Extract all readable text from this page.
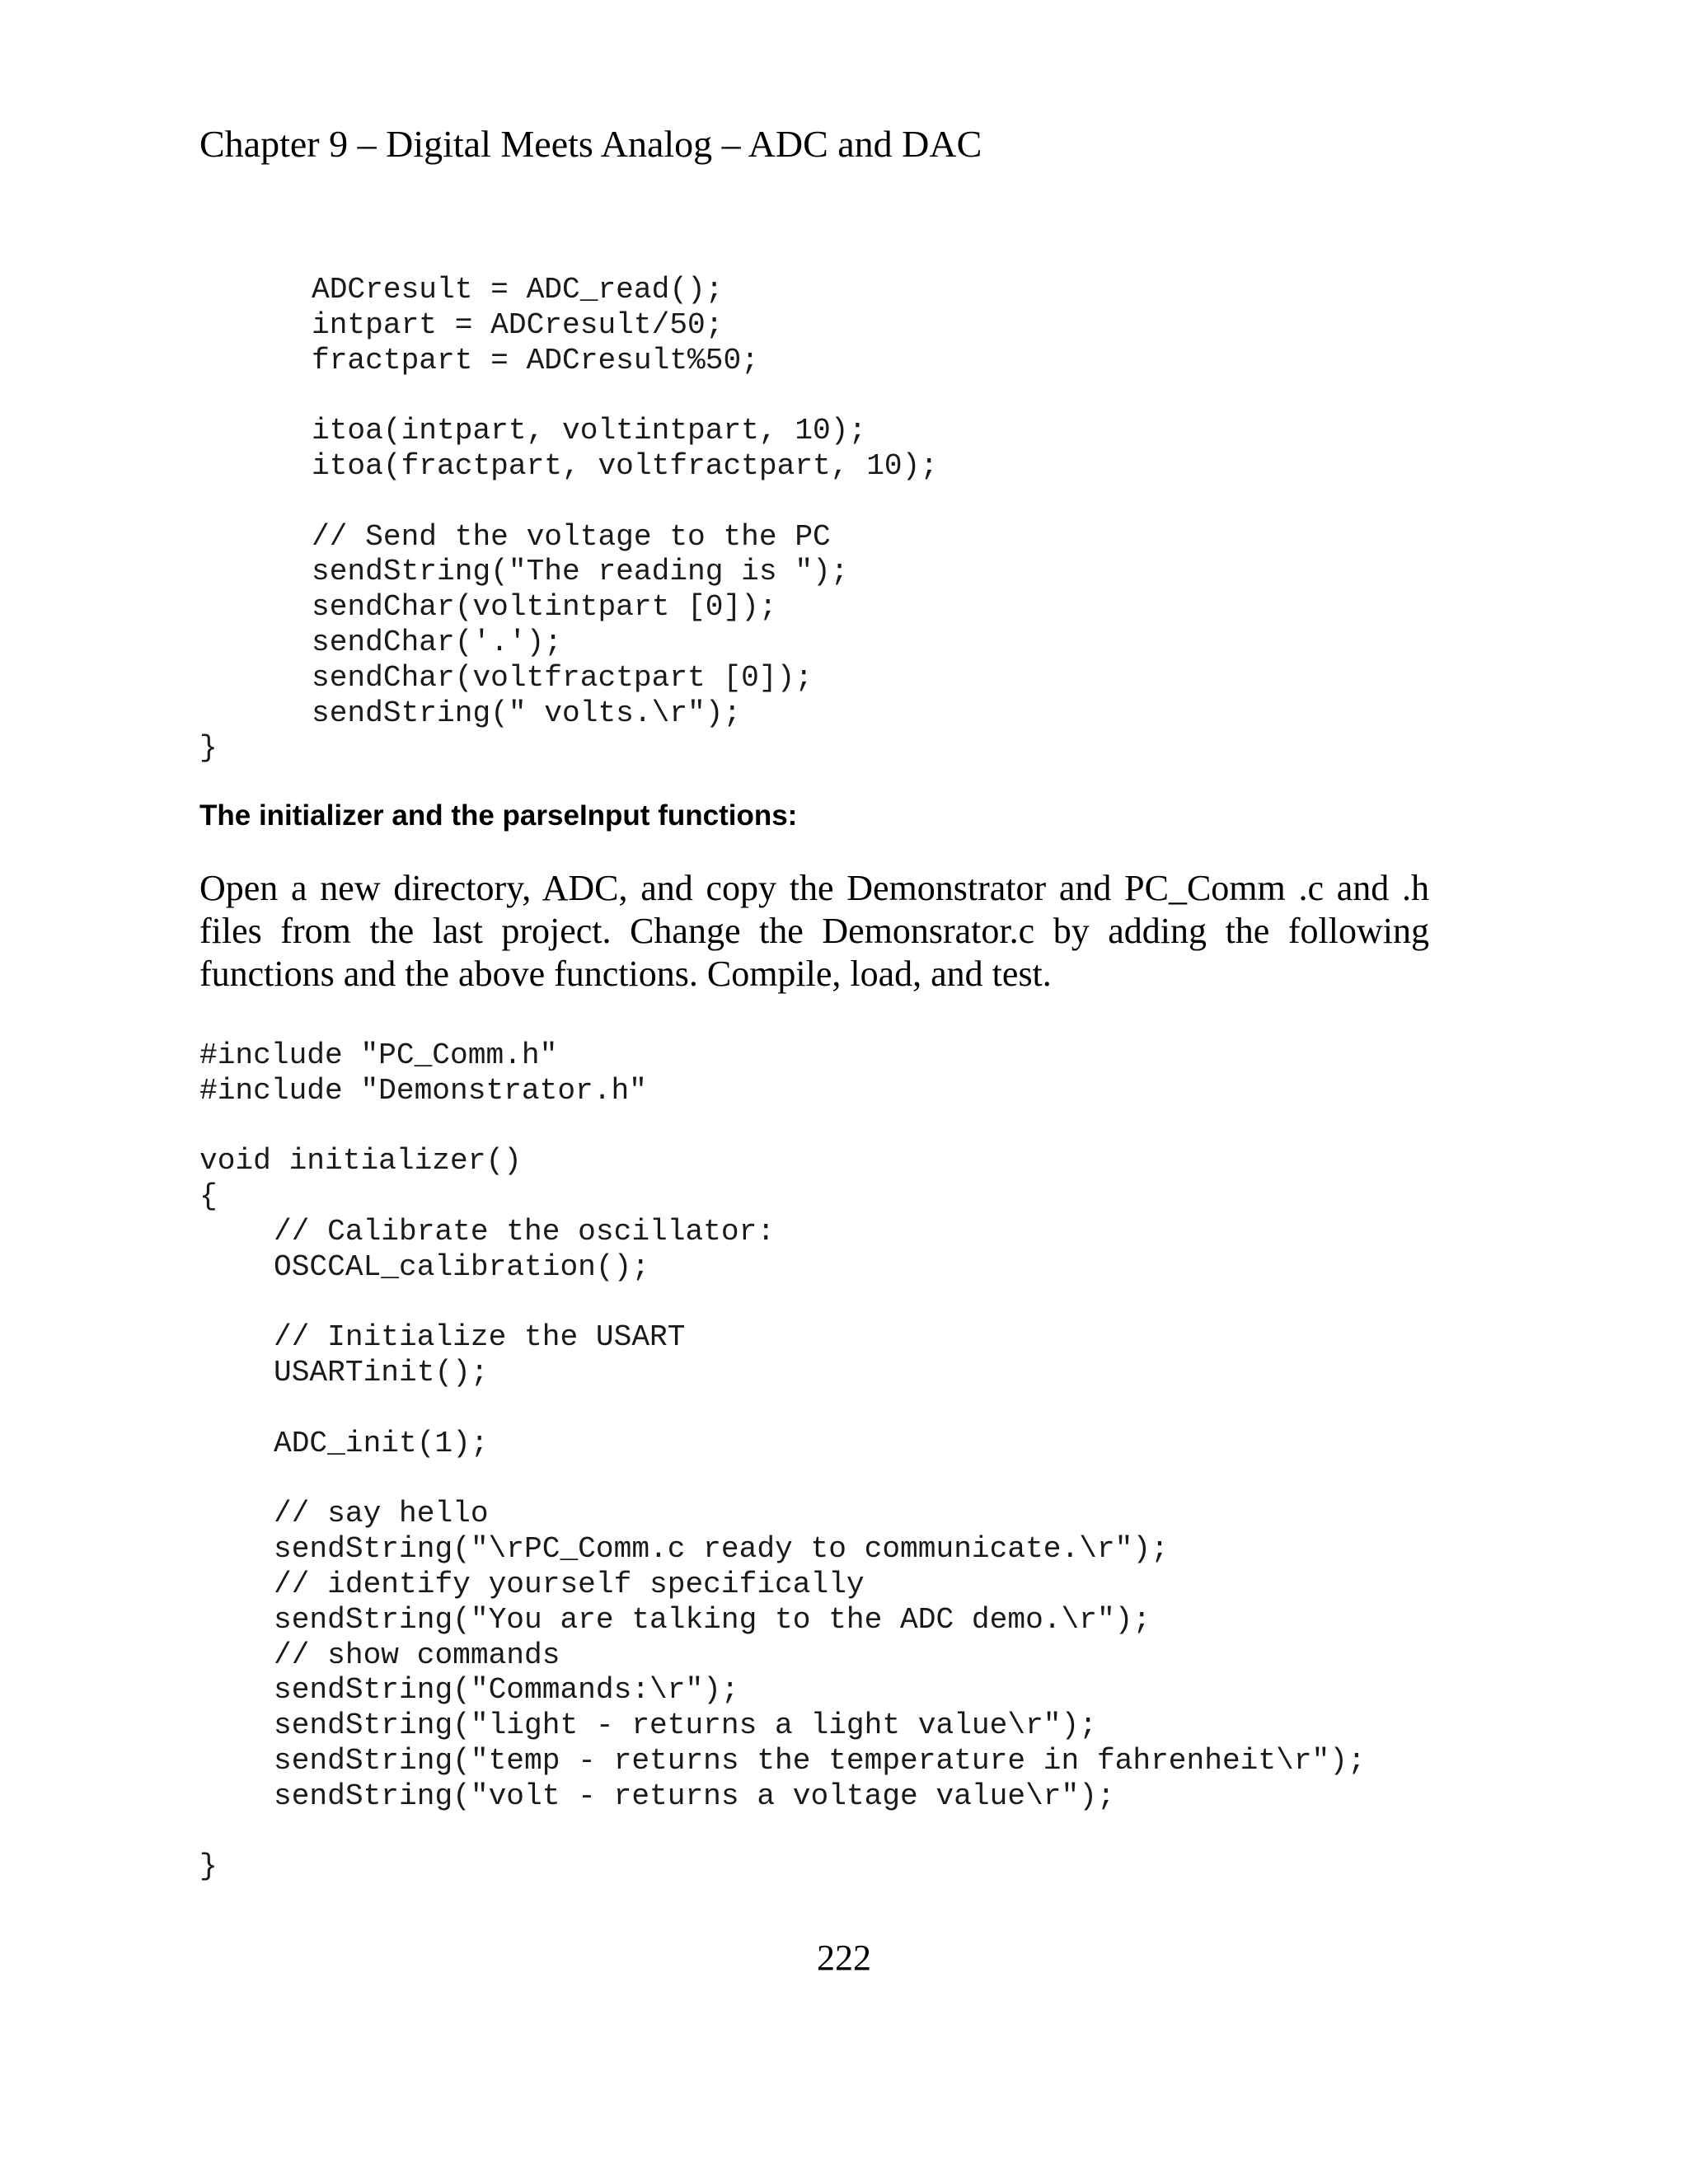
Chapter 9 – Digital Meets Analog – ADC and DAC
ADCresult = ADC_read();
intpart = ADCresult/50;
fractpart = ADCresult%50;
itoa(intpart, voltintpart, 10);
itoa(fractpart, voltfractpart, 10);
// Send the voltage to the PC
sendString("The reading is ");
sendChar(voltintpart [0]);
sendChar('.');
sendChar(voltfractpart [0]);
sendString(" volts.\r");
}
The initializer and the parseInput functions:

Open a new directory, ADC, and copy the Demonstrator and PC_Comm .c and .h files from the last project. Change the Demonsrator.c by adding the following functions and the above functions. Compile, load, and test.

#include "PC_Comm.h"
#include "Demonstrator.h"
void initializer()
{
// Calibrate the oscillator:
OSCCAL_calibration();
// Initialize the USART
USARTinit();
ADC_init(1);
// say hello
sendString("\rPC_Comm.c ready to communicate.\r");
// identify yourself specifically
sendString("You are talking to the ADC demo.\r");
// show commands
sendString("Commands:\r");
sendString("light - returns a light value\r");
sendString("temp - returns the temperature in fahrenheit\r");
sendString("volt - returns a voltage value\r");
}
222
